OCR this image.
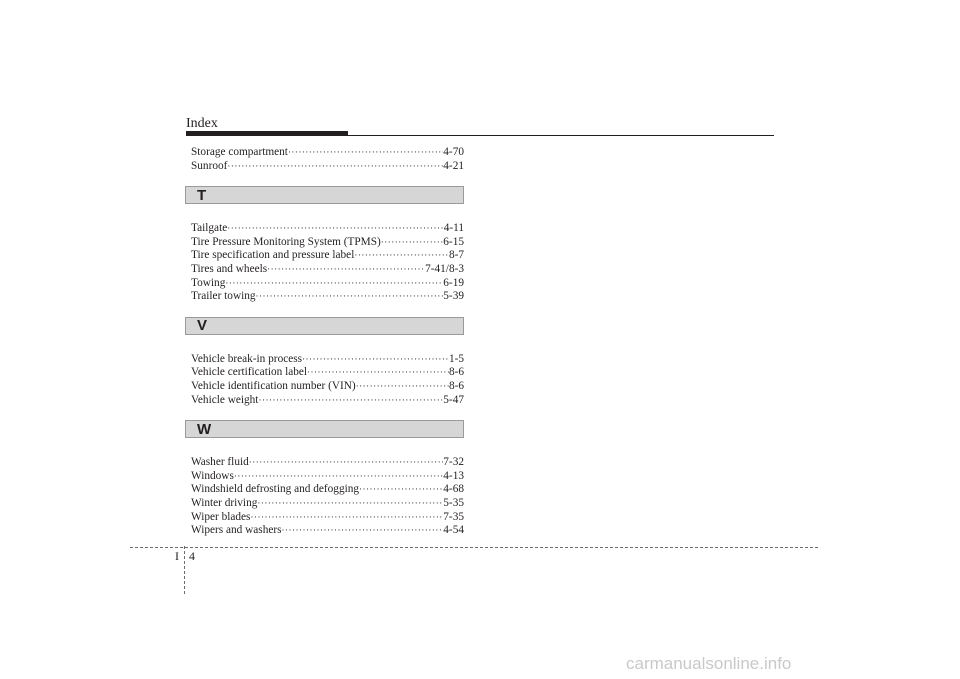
Index
Storage compartment ·····	4-70
Sunroof ·····	4-21
T
Tailgate ·····	4-11
Tire Pressure Monitoring System (TPMS) ·····	6-15
Tire specification and pressure label ·····	8-7
Tires and wheels ·····	7-41/8-3
Towing ·····	6-19
Trailer towing ·····	5-39
V
Vehicle break-in process ·····	1-5
Vehicle certification label ·····	8-6
Vehicle identification number (VIN) ·····	8-6
Vehicle weight ·····	5-47
W
Washer fluid ·····	7-32
Windows ·····	4-13
Windshield defrosting and defogging ·····	4-68
Winter driving ·····	5-35
Wiper blades ·····	7-35
Wipers and washers ·····	4-54
I 4
carmanualsonline.info
